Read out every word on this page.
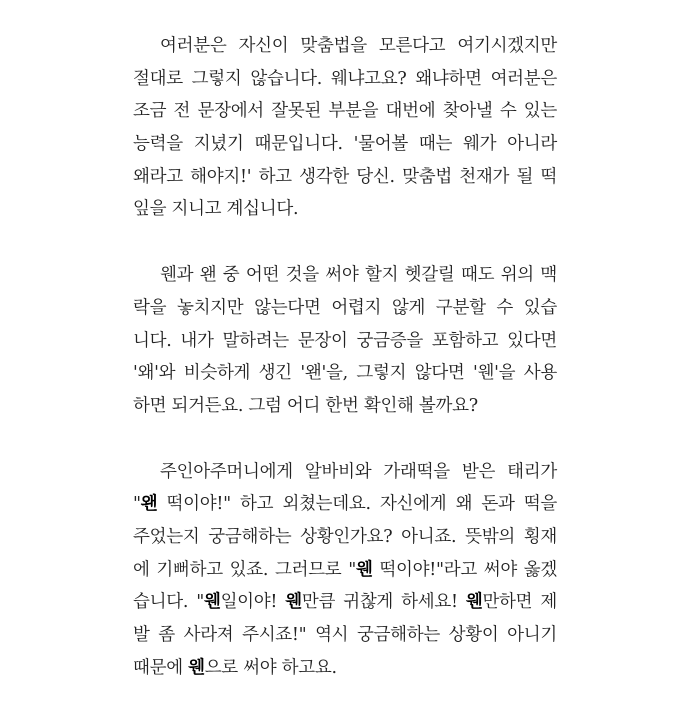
여러분은 자신이 맞춤법을 모른다고 여기시겠지만
절대로 그렇지 않습니다. 웨냐고요? 왜냐하면 여러분은
조금 전 문장에서 잘못된 부분을 대번에 찾아낼 수 있는
능력을 지녔기 때문입니다. '물어볼 때는 웨가 아니라
왜라고 해야지!' 하고 생각한 당신. 맞춤법 천재가 될 떡
잎을 지니고 계십니다.
웬과 왠 중 어떤 것을 써야 할지 헷갈릴 때도 위의 맥
락을 놓치지만 않는다면 어렵지 않게 구분할 수 있습
니다. 내가 말하려는 문장이 궁금증을 포함하고 있다면
'왜'와 비슷하게 생긴 '왠'을, 그렇지 않다면 '웬'을 사용
하면 되거든요. 그럼 어디 한번 확인해 볼까요?
주인아주머니에게 알바비와 가래떡을 받은 태리가
"왠 떡이야!" 하고 외쳤는데요. 자신에게 왜 돈과 떡을
주었는지 궁금해하는 상황인가요? 아니죠. 뜻밖의 횡재
에 기뻐하고 있죠. 그러므로 "웬 떡이야!"라고 써야 옳겠
습니다. "웬일이야! 웬만큼 귀찮게 하세요! 웬만하면 제
발 좀 사라져 주시죠!" 역시 궁금해하는 상황이 아니기
때문에 웬으로 써야 하고요.
